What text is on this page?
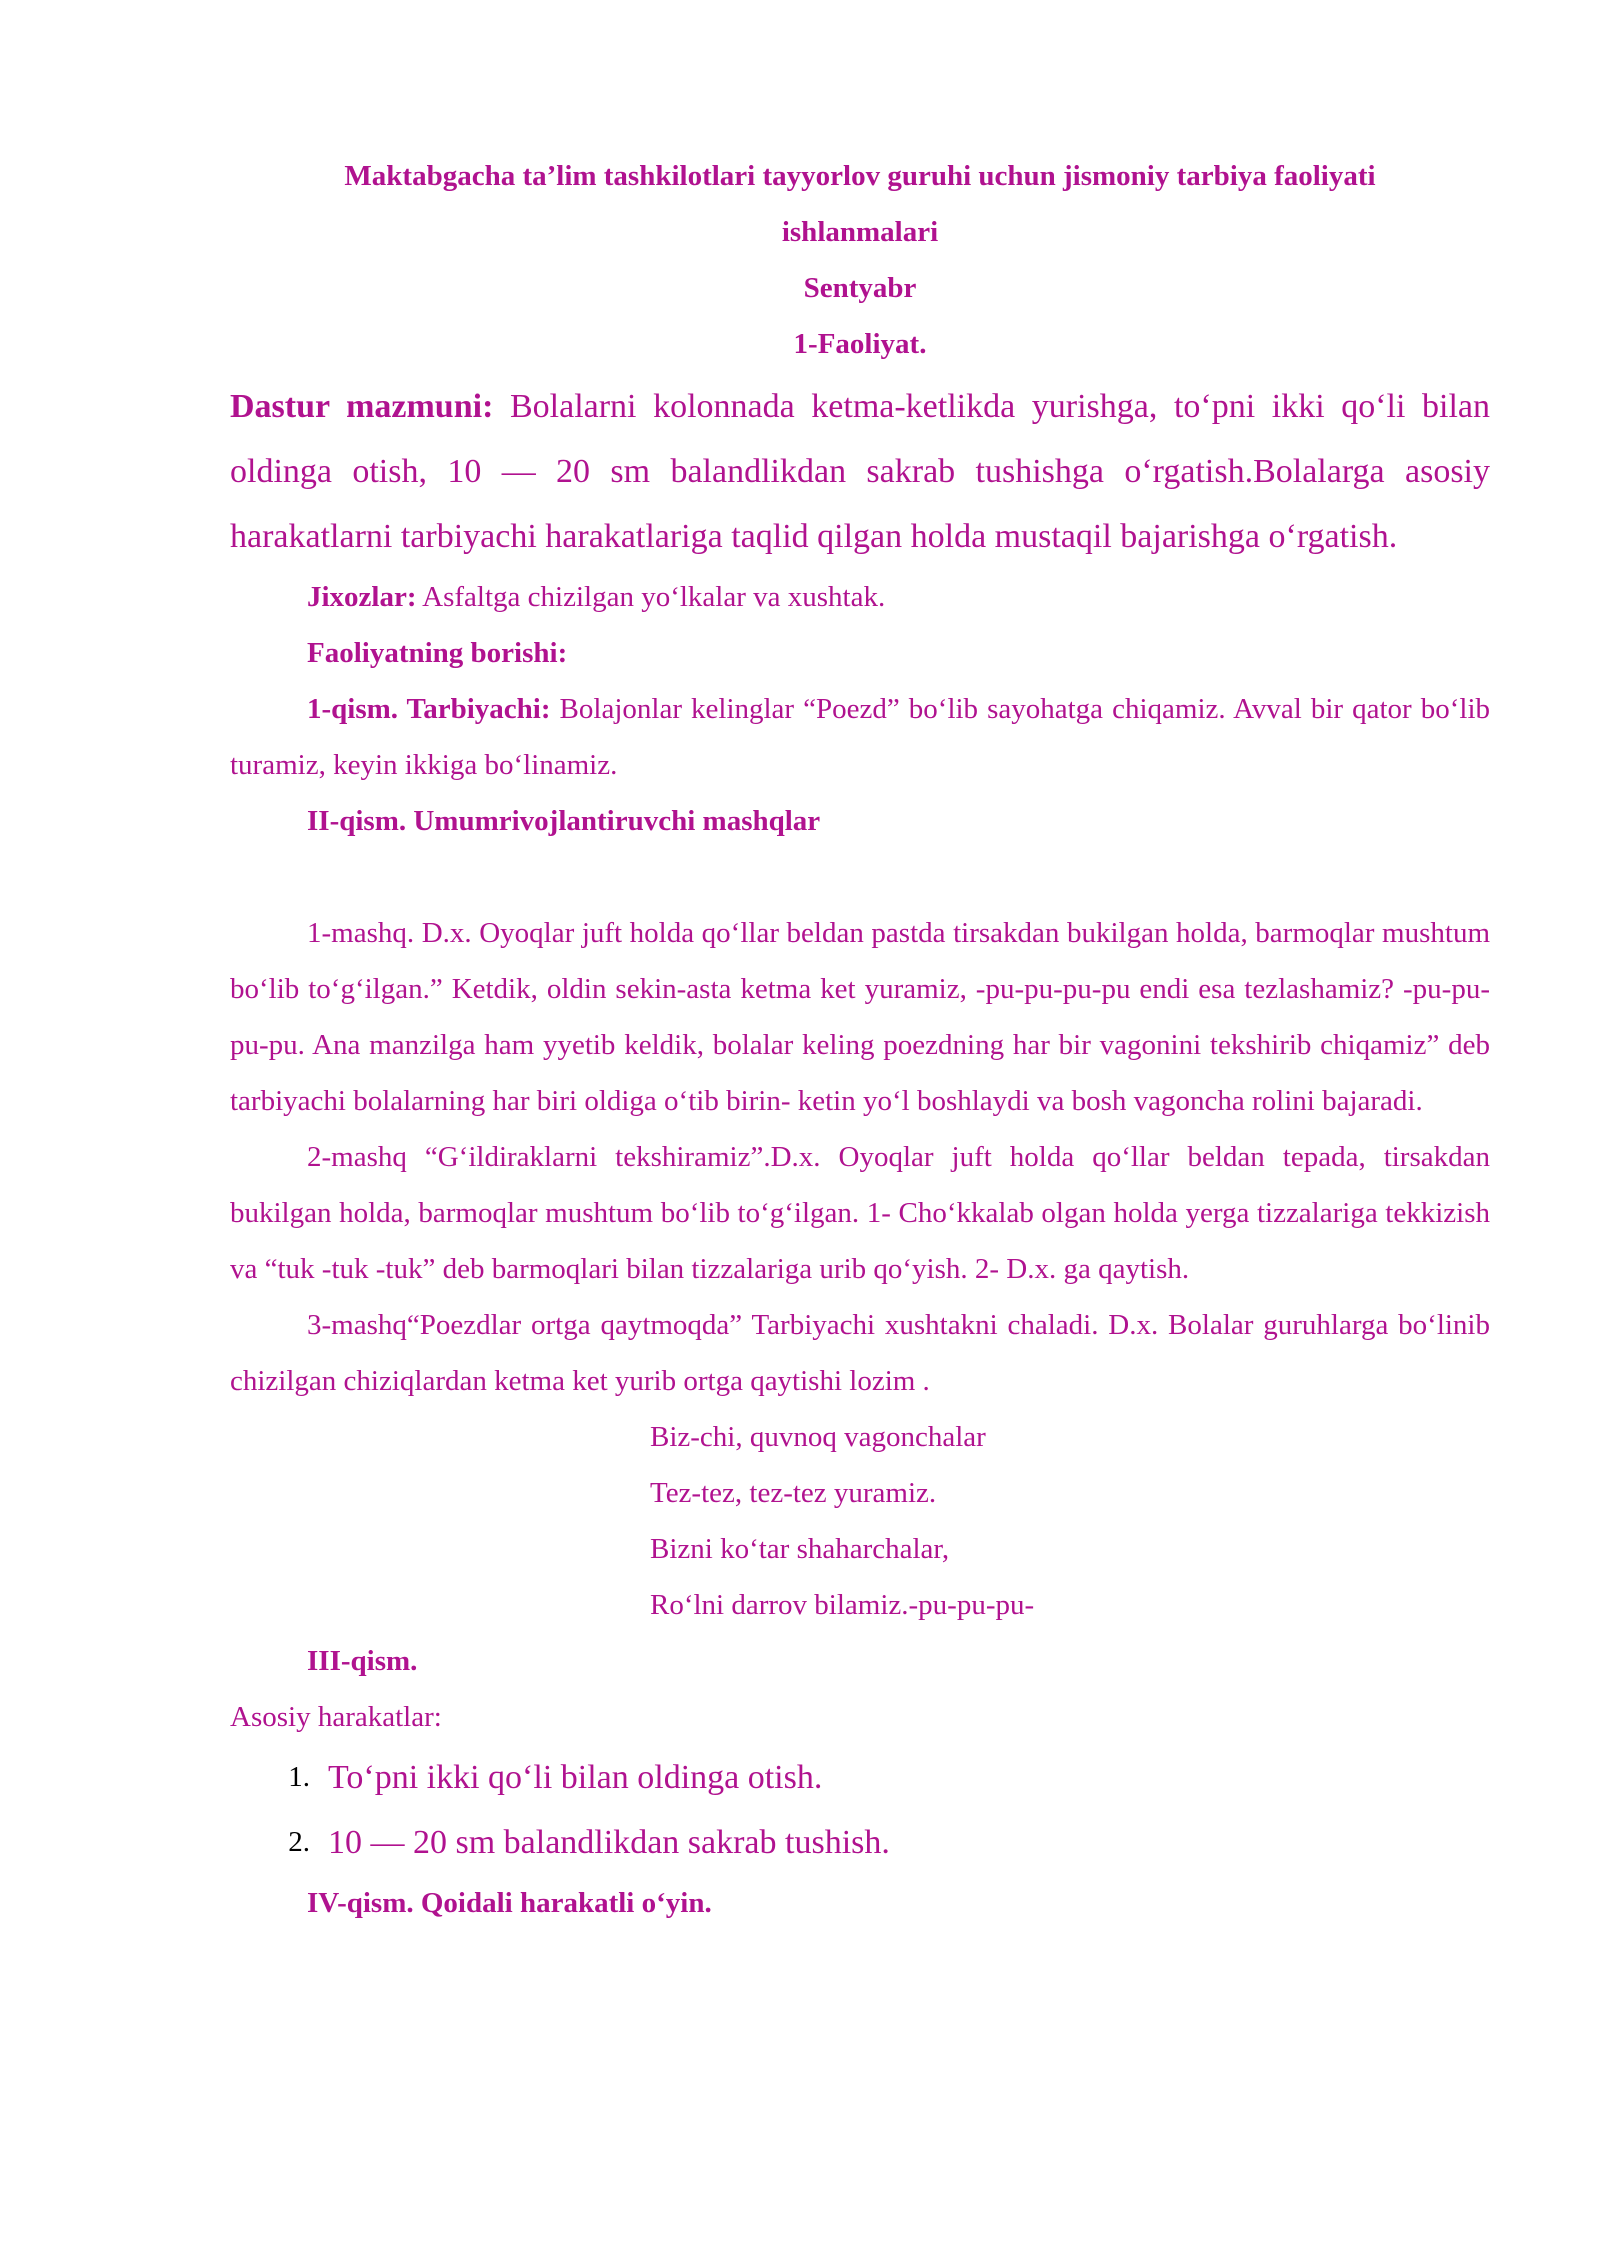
Maktabgacha ta’lim tashkilotlari tayyorlov guruhi uchun jismoniy tarbiya faoliyati
ishlanmalari
Sentyabr
1-Faoliyat.
Dastur mazmuni: Bolalarni kolonnada ketma-ketlikda yurishga, toʻpni ikki qoʻli bilan oldinga otish, 10 — 20 sm balandlikdan sakrab tushishga oʻrgatish.Bolalarga asosiy harakatlarni tarbiyachi harakatlariga taqlid qilgan holda mustaqil bajarishga oʻrgatish.
Jixozlar: Asfaltga chizilgan yoʻlkalar va xushtak.
Faoliyatning borishi:
1-qism. Tarbiyachi: Bolajonlar kelinglar “Poezd” boʻlib sayohatga chiqamiz. Avval bir qator boʻlib turamiz, keyin ikkiga boʻlinamiz.
II-qism. Umumrivojlantiruvchi mashqlar
1-mashq. D.x. Oyoqlar juft holda qoʻllar beldan pastda tirsakdan bukilgan holda, barmoqlar mushtum boʻlib toʻgʻilgan.” Ketdik, oldin sekin-asta ketma ket yuramiz, -pu-pu-pu-pu endi esa tezlashamiz? -pu-pu-pu-pu. Ana manzilga ham yyetib keldik, bolalar keling poezdning har bir vagonini tekshirib chiqamiz” deb tarbiyachi bolalarning har biri oldiga oʻtib birin- ketin yoʻl boshlaydi va bosh vagoncha rolini bajaradi.
2-mashq “Gʻildiraklarni tekshiramiz”.D.x. Oyoqlar juft holda qoʻllar beldan tepada, tirsakdan bukilgan holda, barmoqlar mushtum boʻlib toʻgʻilgan. 1- Choʻkkalab olgan holda yerga tizzalariga tekkizish va “tuk -tuk -tuk” deb barmoqlari bilan tizzalariga urib qoʻyish. 2- D.x. ga qaytish.
3-mashq“Poezdlar ortga qaytmoqda” Tarbiyachi xushtakni chaladi. D.x. Bolalar guruhlarga boʻlinib chizilgan chiziqlardan ketma ket yurib ortga qaytishi lozim .
Biz-chi, quvnoq vagonchalar
Tez-tez, tez-tez yuramiz.
Bizni koʻtar shaharchalar,
Roʻlni darrov bilamiz.-pu-pu-pu-
III-qism.
Asosiy harakatlar:
1. Toʻpni ikki qoʻli bilan oldinga otish.
2. 10 — 20 sm balandlikdan sakrab tushish.
IV-qism. Qoidali harakatli oʻyin.
